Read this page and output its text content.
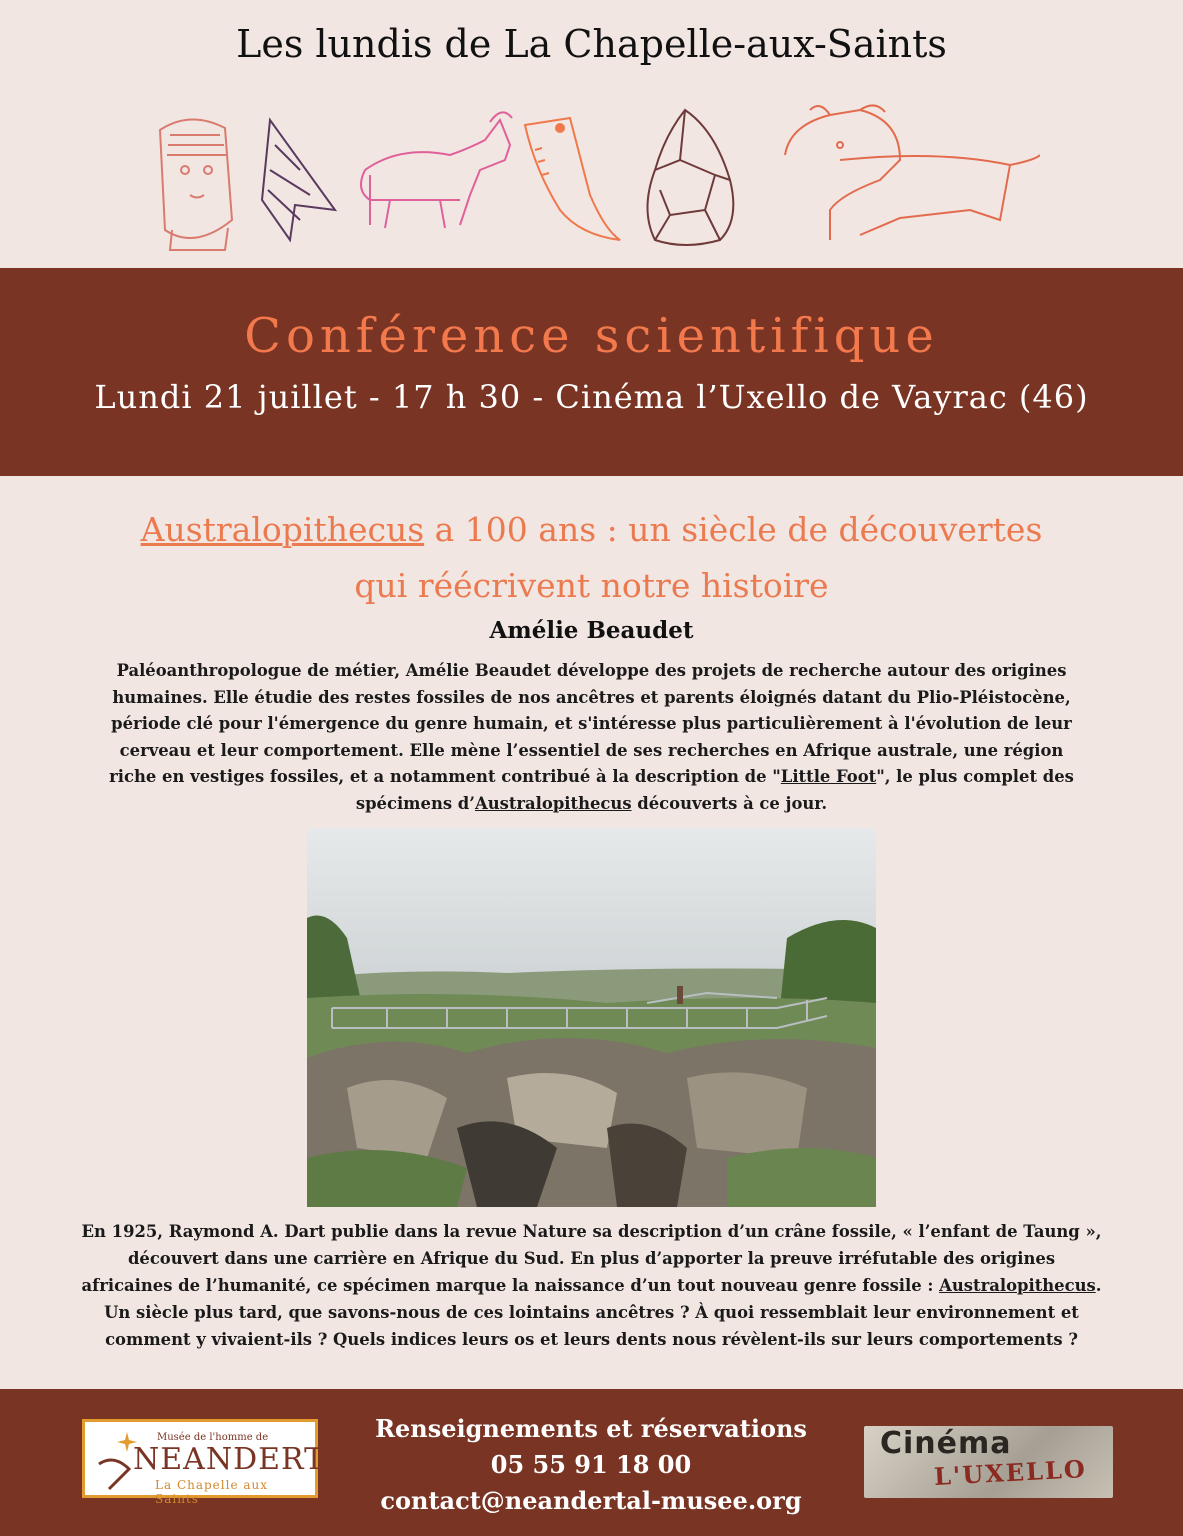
Les lundis de La Chapelle-aux-Saints
Conférence scientifique
Lundi 21 juillet - 17 h 30 - Cinéma l’Uxello de Vayrac (46)
Australopithecus a 100 ans : un siècle de découvertes
qui réécrivent notre histoire
Amélie Beaudet
Paléoanthropologue de métier, Amélie Beaudet développe des projets de recherche autour des origines humaines. Elle étudie des restes fossiles de nos ancêtres et parents éloignés datant du Plio-Pléistocène, période clé pour l'émergence du genre humain, et s'intéresse plus particulièrement à l'évolution de leur cerveau et leur comportement. Elle mène l’essentiel de ses recherches en Afrique australe, une région riche en vestiges fossiles, et a notamment contribué à la description de "Little Foot", le plus complet des spécimens d’Australopithecus découverts à ce jour.
En 1925, Raymond A. Dart publie dans la revue Nature sa description d’un crâne fossile, « l’enfant de Taung », découvert dans une carrière en Afrique du Sud. En plus d’apporter la preuve irréfutable des origines africaines de l’humanité, ce spécimen marque la naissance d’un tout nouveau genre fossile : Australopithecus. Un siècle plus tard, que savons-nous de ces lointains ancêtres ? À quoi ressemblait leur environnement et comment y vivaient-ils ? Quels indices leurs os et leurs dents nous révèlent-ils sur leurs comportements ?
Musée de l'homme de
NEANDERTAL
La Chapelle aux Saints
Renseignements et réservations
05 55 91 18 00
contact@neandertal-musee.org
Cinéma
L'UXELLO
